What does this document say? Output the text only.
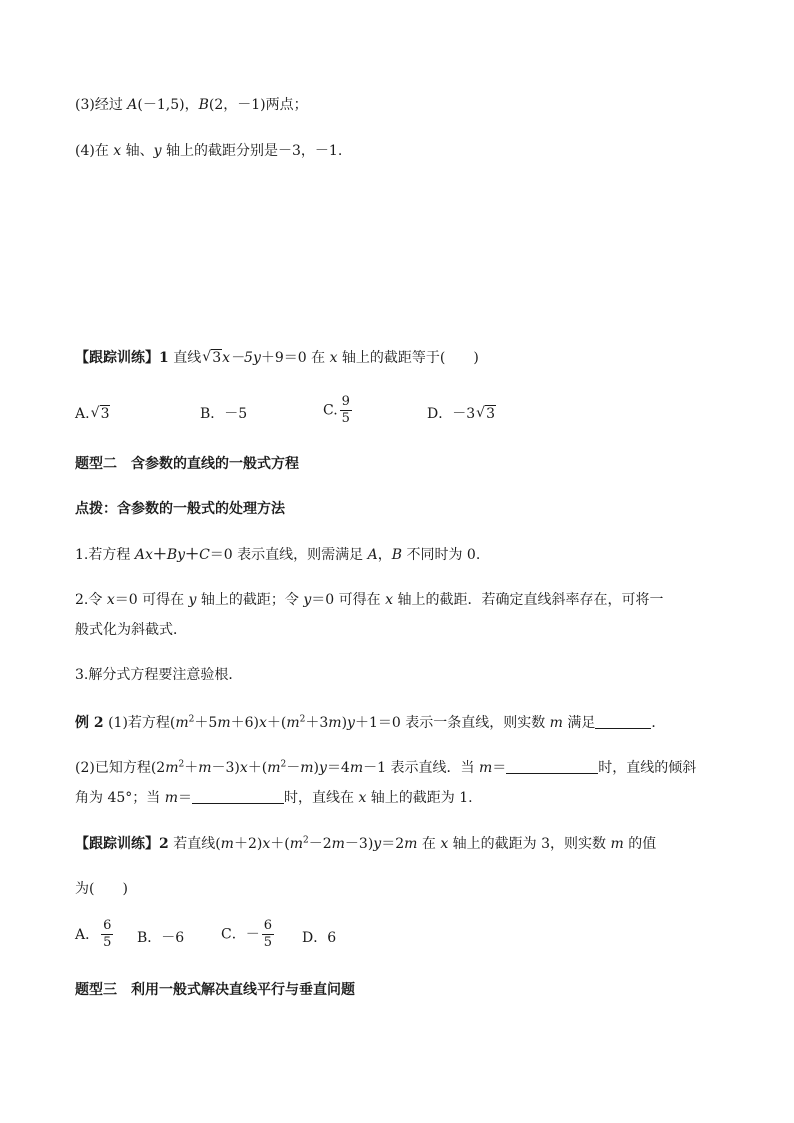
(3)经过 A(－1,5)，B(2，－1)两点；
(4)在 x 轴、y 轴上的截距分别是－3，－1.
【跟踪训练】1 直线 √ 3x－5y＋9＝0 在 x 轴上的截距等于(　　)
A. √ 3	B．－5	C. $\frac{9}{5}$	D．－3 √ 3
题型二　含参数的直线的一般式方程
点拨：含参数的一般式的处理方法
1.若方程 Ax＋By＋C＝0 表示直线，则需满足 A，B 不同时为 0.
2.令 x＝0 可得在 y 轴上的截距；令 y＝0 可得在 x 轴上的截距．若确定直线斜率存在，可将一
般式化为斜截式．
3.解分式方程要注意验根．
例 2 (1)若方程$(m^2+5m+6)x+(m^2+3m)y+1=0$ 表示一条直线，则实数 m 满足	．
(2)已知方程$(2m^2+m-3)x+(m^2-m)y=4m-1$ 表示直线．当 m＝	时，直线的倾斜
角为 45°；当 m＝	时，直线在 x 轴上的截距为 1.
【跟踪训练】2 若直线$(m+2)x+(m^2-2m-3)y=2m$ 在 x 轴上的截距为 3，则实数 m 的值
为(　　)
A． $\frac{6}{5}$ B．－6	C．－ $\frac{6}{5}$ D．6
题型三　利用一般式解决直线平行与垂直问题
